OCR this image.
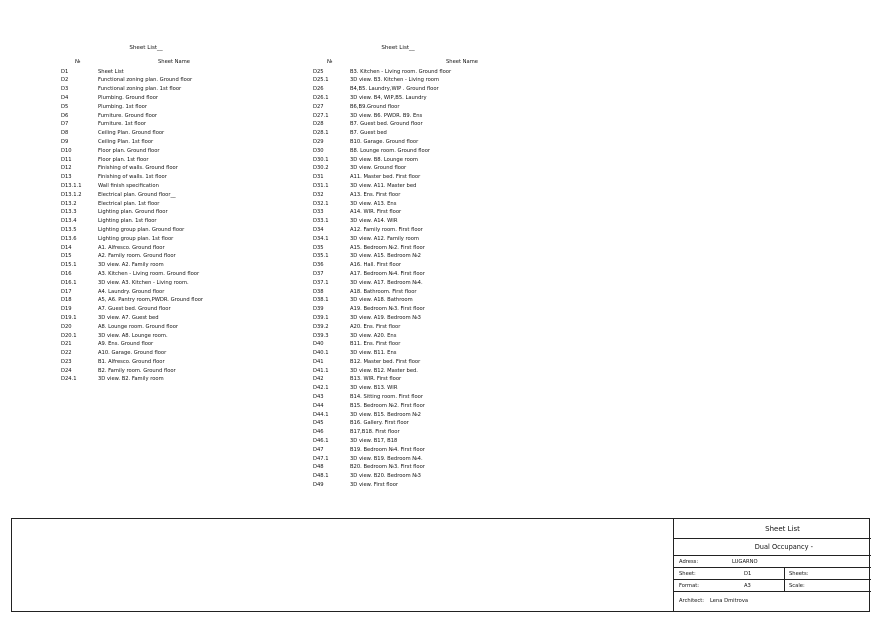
Sheet List__
№	Sheet Name
D1	Sheet List
D2	Functional zoning plan. Ground floor
D3	Functional zoning plan. 1st floor
D4	Plumbing. Ground floor
D5	Plumbing. 1st floor
D6	Furniture. Ground floor
D7	Furniture. 1st floor
D8	Ceiling Plan. Ground floor
D9	Ceiling Plan. 1st floor
D10	Floor plan. Ground floor
D11	Floor plan. 1st floor
D12	Finishing of walls. Ground floor
D13	Finishing of walls. 1st floor
D13.1.1	Wall finish specification
D13.1.2	Electrical plan. Ground floor__
D13.2	Electrical plan. 1st floor
D13.3	Lighting plan. Ground floor
D13.4	Lighting plan. 1st floor
D13.5	Lighting group plan. Ground floor
D13.6	Lighting group plan. 1st floor
D14	A1. Alfresco. Ground floor
D15	A2. Family room. Ground floor
D15.1	3D view. A2. Family room
D16	A3. Kitchen - Living room. Ground floor
D16.1	3D view. A3. Kitchen - Living room.
D17	A4. Laundry. Ground floor
D18	A5, A6. Pantry room,PWDR. Ground floor
D19	A7. Guest bed. Ground floor
D19.1	3D view. A7. Guest bed
D20	A8. Lounge room. Ground floor
D20.1	3D view. A8. Lounge room.
D21	A9. Ens. Ground floor
D22	A10. Garage. Ground floor
D23	B1. Alfresco. Ground floor
D24	B2. Family room. Ground floor
D24.1	3D view. B2. Family room
Sheet List__
№	Sheet Name
D25	B3. Kitchen - Living room. Ground floor
D25.1	3D view. B3. Kitchen - Living room
D26	B4,B5. Laundry,WIP . Ground floor
D26.1	3D view. B4, WIP,B5. Laundry
D27	B6,B9.Ground floor
D27.1	3D view. B6. PWDR. B9. Ens
D28	B7. Guest bed. Ground floor
D28.1	B7. Guest bed
D29	B10. Garage. Ground floor
D30	B8. Lounge room. Ground floor
D30.1	3D view. B8. Lounge room
D30.2	3D view. Ground floor
D31	A11. Master bed. First floor
D31.1	3D view. A11. Master bed
D32	A13. Ens. First floor
D32.1	3D view. A13. Ens
D33	A14. WIR. First floor
D33.1	3D view. A14. WIR
D34	A12. Family room. First floor
D34.1	3D view. A12. Family room
D35	A15. Bedroom №2. First floor
D35.1	3D view. A15. Bedroom №2
D36	A16. Hall. First floor
D37	A17. Bedroom №4. First floor
D37.1	3D view. A17. Bedroom №4.
D38	A18. Bathroom. First floor
D38.1	3D view. A18. Bathroom
D39	A19. Bedroom №3. First floor
D39.1	3D view. A19. Bedroom №3
D39.2	A20. Ens. First floor
D39.3	3D view. A20. Ens
D40	B11. Ens. First floor
D40.1	3D view. B11. Ens
D41	B12. Master bed. First floor
D41.1	3D view. B12. Master bed.
D42	B13. WIR. First floor
D42.1	3D view. B13. WIR
D43	B14. Sitting room. First floor
D44	B15. Bedroom №2. First floor
D44.1	3D view. B15. Bedroom №2
D45	B16. Gallery. First floor
D46	B17,B18. First floor
D46.1	3D view. B17, B18
D47	B19. Bedroom №4. First floor
D47.1	3D view. B19. Bedroom №4.
D48	B20. Bedroom №3. First floor
D48.1	3D view. B20. Bedroom №3
D49	3D view. First floor
Sheet List
Dual Occupancy -
Adress:	LUGARNO
Sheet:	D1	Sheets:
Format:	A3	Scale:
Architect: Lena Dmitrova
